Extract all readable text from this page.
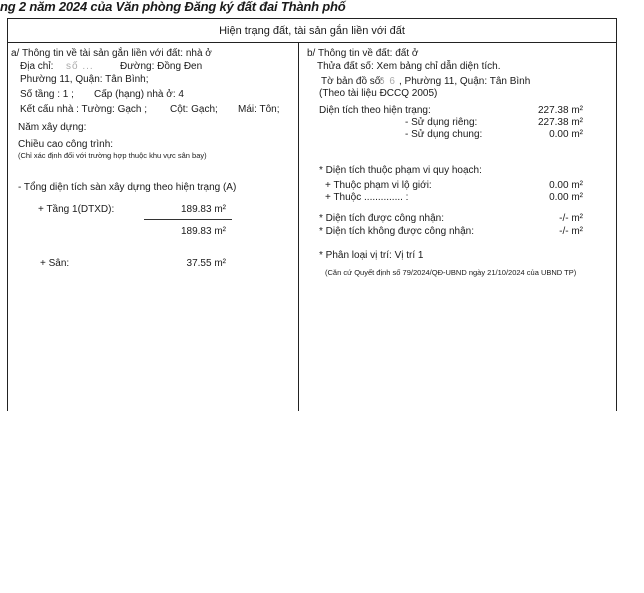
ng 2 năm 2024 của Văn phòng Đăng ký đất đai Thành phố
Hiện trạng đất, tài sản gắn liền với đất
a/ Thông tin về tài sản gắn liền với đất: nhà ở
Địa chỉ: số ...	Đường: Đồng Đen
Phường 11, Quận: Tân Bình;
Số tầng : 1 ; Cấp (hạng) nhà ở: 4
Kết cấu nhà : Tường: Gạch ; Cột: Gạch; Mái: Tôn;
Năm xây dựng:
Chiều cao công trình:
(Chỉ xác định đối với trường hợp thuộc khu vực sân bay)
- Tổng diện tích sàn xây dựng theo hiện trạng (A)
+ Tầng 1(DTXD):	189.83 m²
189.83 m²
+ Sân:	37.55 m²
b/ Thông tin về đất: đất ở
Thửa đất số: Xem bảng chỉ dẫn diện tích.
Tờ bản đồ số:
6 6 , Phường 11, Quận: Tân Bình
(Theo tài liệu ĐCCQ 2005)
Diện tích theo hiện trạng:	227.38 m²
- Sử dụng riêng:	227.38 m²
- Sử dụng chung:	0.00 m²
* Diện tích thuộc phạm vi quy hoạch:
+ Thuộc phạm vi lộ giới:	0.00 m²
+ Thuộc .............. :	0.00 m²
* Diện tích được công nhận:	-/- m²
* Diện tích không được công nhận:	-/- m²
* Phân loại vị trí: Vị trí 1
(Căn cứ Quyết định số 79/2024/QĐ-UBND ngày 21/10/2024 của UBND TP)
